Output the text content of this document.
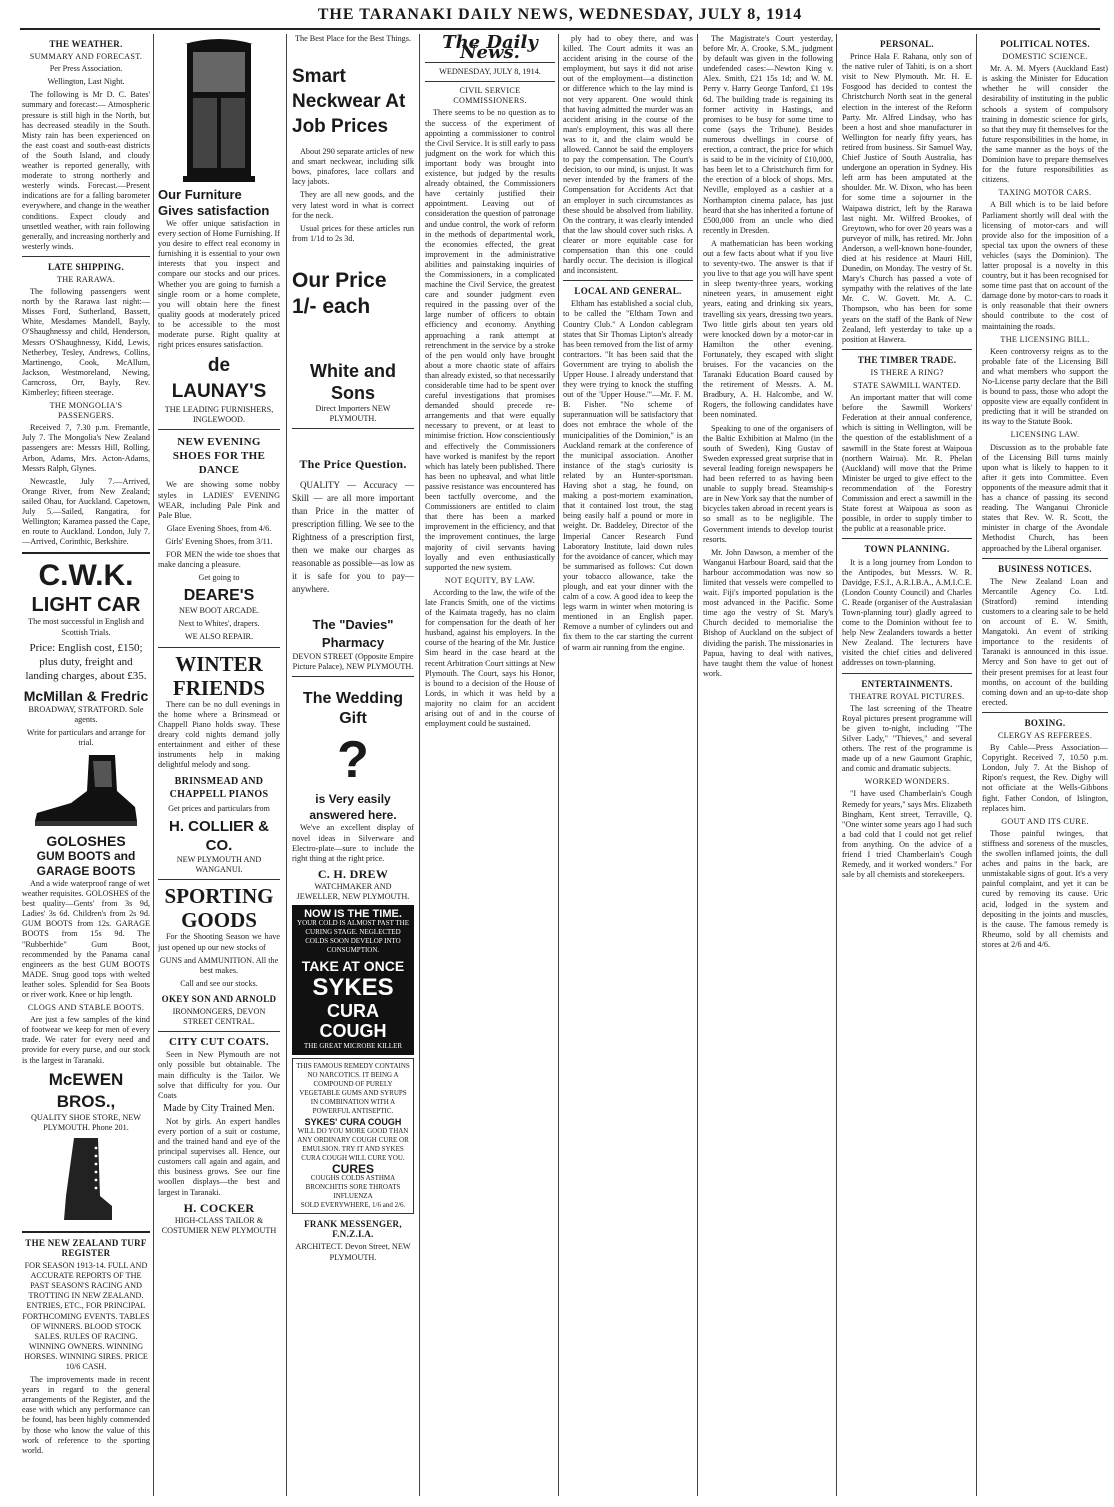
THE TARANAKI DAILY NEWS, WEDNESDAY, JULY 8, 1914
THE WEATHER.
SUMMARY AND FORECAST.

Per Press Association.

Wellington, Last Night.

The following is Mr D. C. Bates' summary and forecast:— Atmospheric pressure is still high in the North, but has decreased steadily in the South. Misty rain has been experienced on the east coast and south-east districts of the South Island, and cloudy weather is reported generally, with moderate to strong northerly and westerly winds. Forecast.—Present indications are for a falling barometer everywhere, and change in the weather conditions. Expect cloudy and unsettled weather, with rain following generally, and increasing northerly and westerly winds.

LATE SHIPPING.
THE RARAWA.

The following passengers went north by the Rarawa last night:—Misses Ford, Sutherland, Bassett, White, Mesdames Mandell, Bayly, O'Shaughnessy and child, Henderson, Messrs O'Shaughnessy, Kidd, Lewis, Netherbey, Tesley, Andrews, Collins, Martinengo, Cook, McAllum, Jackson, Westmoreland, Newing, Carncross, Orr, Bayly, Rev. Kimberley; fifteen steerage.

THE MONGOLIA'S PASSENGERS.

Received 7, 7.30 p.m. Fremantle, July 7. The Mongolia's New Zealand passengers are: Messrs Hill, Rolling, Arbon, Adams, Mrs. Acton-Adams, Messrs Ralph, Glynes.

Newcastle, July 7.—Arrived, Orange River, from New Zealand; sailed Ohau, for Auckland. Capetown, July 5.—Sailed, Rangatira, for Wellington; Karamea passed the Cape, en route to Auckland. London, July 7.—Arrived, Corinthic, Berkshire.

C.W.K.
LIGHT CAR

The most successful in English and Scottish Trials.

Price: English cost, £150; plus duty, freight and landing charges, about £35.

McMillan & Fredric

BROADWAY, STRATFORD. Sole agents.

Write for particulars and arrange for trial.

GOLOSHES
GUM BOOTS and
GARAGE BOOTS

And a wide waterproof range of wet weather requisites. GOLOSHES of the best quality—Gents' from 3s 9d, Ladies' 3s 6d. Children's from 2s 9d. GUM BOOTS from 12s. GARAGE BOOTS from 15s 9d. The "Rubberhide" Gum Boot, recommended by the Panama canal engineers as the best GUM BOOTS MADE. Snug good tops with welted leather soles. Splendid for Sea Boots or river work. Knee or hip length.

CLOGS AND STABLE BOOTS.

Are just a few samples of the kind of footwear we keep for men of every trade. We cater for every need and provide for every purse, and our stock is the largest in Taranaki.

McEWEN BROS.,

QUALITY SHOE STORE, NEW PLYMOUTH. Phone 201.

THE NEW ZEALAND TURF REGISTER

FOR SEASON 1913-14. FULL AND ACCURATE REPORTS OF THE PAST SEASON'S RACING AND TROTTING IN NEW ZEALAND. ENTRIES, ETC., FOR PRINCIPAL FORTHCOMING EVENTS. TABLES OF WINNERS. BLOOD STOCK SALES. RULES OF RACING. WINNING OWNERS. WINNING HORSES. WINNING SIRES. PRICE 10/6 CASH.

The improvements made in recent years in regard to the general arrangements of the Register, and the ease with which any performance can be found, has been highly commended by those who know the value of this work of reference to the sporting world.

Our Furniture Gives satisfaction

We offer unique satisfaction in every section of Home Furnishing. If you desire to effect real economy in furnishing it is essential to your own interests that you inspect and compare our stocks and our prices. Whether you are going to furnish a single room or a home complete, you will obtain here the finest quality goods at moderately priced to be accessible to the most moderate purse. Right quality at right prices ensures satisfaction.

de LAUNAY'S

THE LEADING FURNISHERS, INGLEWOOD.

NEW EVENING SHOES FOR THE DANCE

We are showing some nobby styles in LADIES' EVENING WEAR, including Pale Pink and Pale Blue.

Glace Evening Shoes, from 4/6.

Girls' Evening Shoes, from 3/11.

FOR MEN the wide toe shoes that make dancing a pleasure.

Get going to

DEARE'S

NEW BOOT ARCADE.

Next to Whites', drapers.

WE ALSO REPAIR.

WINTER FRIENDS

There can be no dull evenings in the home where a Brinsmead or Chappell Piano holds sway. These dreary cold nights demand jolly entertainment and either of these instruments help in making delightful melody and song.

BRINSMEAD AND CHAPPELL PIANOS

Get prices and particulars from

H. COLLIER & CO.

NEW PLYMOUTH AND WANGANUI.

SPORTING GOODS

For the Shooting Season we have just opened up our new stocks of

GUNS and AMMUNITION. All the best makes.

Call and see our stocks.

OKEY SON AND ARNOLD

IRONMONGERS, DEVON STREET CENTRAL.

CITY CUT COATS.

Seen in New Plymouth are not only possible but obtainable. The main difficulty is the Tailor. We solve that difficulty for you. Our Coats

Made by City Trained Men.

Not by girls. An expert handles every portion of a suit or costume, and the trained hand and eye of the principal supervises all. Hence, our customers call again and again, and this business grows. See our fine woollen displays—the best and largest in Taranaki.

H. COCKER

HIGH-CLASS TAILOR & COSTUMIER NEW PLYMOUTH

The Best Place for the Best Things.

Smart Neckwear At Job Prices

About 290 separate articles of new and smart neckwear, including silk bows, pinafores, lace collars and lacy jabots.

They are all new goods, and the very latest word in what is correct for the neck.

Usual prices for these articles run from 1/1d to 2s 3d.

Our Price 1/- each
White and Sons

Direct Importers NEW PLYMOUTH.

The Price Question.

QUALITY — Accuracy — Skill — are all more important than Price in the matter of prescription filling. We see to the Rightness of a prescription first, then we make our charges as reasonable as possible—as low as it is safe for you to pay—anywhere.

The "Davies" Pharmacy

DEVON STREET (Opposite Empire Picture Palace), NEW PLYMOUTH.

The Wedding Gift
?
is Very easily answered here.

We've an excellent display of novel ideas in Silverware and Electro-plate—sure to include the right thing at the right price.

C. H. DREW

WATCHMAKER AND JEWELLER, NEW PLYMOUTH.

NOW IS THE TIME.
YOUR COLD IS ALMOST PAST THE CURING STAGE. NEGLECTED COLDS SOON DEVELOP INTO CONSUMPTION.
TAKE AT ONCE
SYKES
CURA COUGH
THE GREAT MICROBE KILLER
THIS FAMOUS REMEDY CONTAINS NO NARCOTICS. IT BEING A COMPOUND OF PURELY VEGETABLE GUMS AND SYRUPS IN COMBINATION WITH A POWERFUL ANTISEPTIC.
SYKES' CURA COUGH
WILL DO YOU MORE GOOD THAN ANY ORDINARY COUGH CURE OR EMULSION. TRY IT AND SYKES CURA COUGH WILL CURE YOU.
CURES
COUGHS COLDS ASTHMA BRONCHITIS SORE THROATS INFLUENZA
SOLD EVERYWHERE, 1/6 and 2/6.
FRANK MESSENGER, F.N.Z.I.A.

ARCHITECT. Devon Street, NEW PLYMOUTH.

The Daily News.

WEDNESDAY, JULY 8, 1914.

CIVIL SERVICE COMMISSIONERS.

There seems to be no question as to the success of the experiment of appointing a commissioner to control the Civil Service. It is still early to pass judgment on the work for which this important body was brought into existence, but judged by the results already obtained, the Commissioners have certainly justified their appointment. Leaving out of consideration the question of patronage and undue control, the work of reform in the methods of departmental work, the economies effected, the great improvement in the administrative abilities and painstaking inquiries of the Commissioners, in a complicated machine the Civil Service, the greatest care and sounder judgment even required in the passing over of the large number of officers to obtain efficiency and economy. Anything approaching a rank attempt at retrenchment in the service by a stroke of the pen would only have brought about a more chaotic state of affairs than already existed, so that necessarily considerable time had to be spent over careful investigations that promises demanded should precede re-arrangements and that were equally necessary to prevent, or at least to minimise friction. How conscientiously and effectively the Commissioners have worked is manifest by the report which has lately been published. There has been no upheaval, and what little passive resistance was encountered has been tactfully overcome, and the Commissioners are entitled to claim that there has been a marked improvement in the efficiency, and that the improvement continues, the large majority of civil servants having loyally and even enthusiastically supported the new system.

NOT EQUITY, BY LAW.

According to the law, the wife of the late Francis Smith, one of the victims of the Kaimata tragedy, has no claim for compensation for the death of her husband, against his employers. In the course of the hearing of the Mr. Justice Sim heard in the case heard at the recent Arbitration Court sittings at New Plymouth. The Court, says his Honor, is bound to a decision of the House of Lords, in which it was held by a majority no claim for an accident arising out of and in the course of employment could be sustained.

ply had to obey there, and was killed. The Court admits it was an accident arising in the course of the employment, but says it did not arise out of the employment—a distinction or difference which to the lay mind is not very apparent. One would think that having admitted the murder was an accident arising in the course of the man's employment, this was all there was to it, and the claim would be allowed. Cannot be said the employers to pay the compensation. The Court's decision, to our mind, is unjust. It was never intended by the framers of the Compensation for Accidents Act that an employer in such circumstances as these should be absolved from liability. On the contrary, it was clearly intended that the law should cover such risks. A clearer or more equitable case for compensation than this one could hardly occur. The decision is illogical and inconsistent.

LOCAL AND GENERAL.

Eltham has established a social club, to be called the "Eltham Town and Country Club." A London cablegram states that Sir Thomas Lipton's already has been removed from the list of army contractors. "It has been said that the Government are trying to abolish the Upper House. I already understand that they were trying to knock the stuffing out of the 'Upper House.'"—Mr. F. M. B. Fisher. "No scheme of superannuation will be satisfactory that does not embrace the whole of the municipalities of the Dominion," is an Auckland remark at the conference of the municipal association. Another instance of the stag's curiosity is related by an Hunter-sportsman. Having shot a stag, he found, on making a post-mortem examination, that it contained lost trout, the stag being easily half a pound or more in weight. Dr. Baddeley, Director of the Imperial Cancer Research Fund Laboratory Institute, laid down rules for the avoidance of cancer, which may be summarised as follows: Cut down your tobacco allowance, take the plough, and eat your dinner with the calm of a cow. A good idea to keep the legs warm in winter when motoring is mentioned in an English paper. Remove a number of cylinders out and fix them to the car starting the current of warm air running from the engine.

The Magistrate's Court yesterday, before Mr. A. Crooke, S.M., judgment by default was given in the following undefended cases:—Newton King v. Alex. Smith, £21 15s 1d; and W. M. Perry v. Harry George Tanford, £1 19s 6d. The building trade is regaining its former activity in Hastings, and promises to be busy for some time to come (says the Tribune). Besides numerous dwellings in course of erection, a contract, the price for which is said to be in the vicinity of £10,000, has been let to a Christchurch firm for the erection of a block of shops. Mrs. Neville, employed as a cashier at a Northampton cinema palace, has just heard that she has inherited a fortune of £500,000 from an uncle who died recently in Dresden.

A mathematician has been working out a few facts about what if you live to seventy-two. The answer is that if you live to that age you will have spent in sleep twenty-three years, working nineteen years, in amusement eight years, eating and drinking six years, travelling six years, dressing two years. Two little girls about ten years old were knocked down by a motor-car in Hamilton the other evening. Fortunately, they escaped with slight bruises. For the vacancies on the Taranaki Education Board caused by the retirement of Messrs. A. M. Bradbury, A. H. Halcombe, and W. Rogers, the following candidates have been nominated.

Speaking to one of the organisers of the Baltic Exhibition at Malmo (in the south of Sweden), King Gustav of Sweden expressed great surprise that in several leading foreign newspapers he had been referred to as having been unable to supply bread. Steamship-s are in New York say that the number of bicycles taken abroad in recent years is so small as to be negligible. The Government intends to develop tourist resorts.

Mr. John Dawson, a member of the Wanganui Harbour Board, said that the harbour accommodation was now so limited that vessels were compelled to wait. Fiji's imported population is the most advanced in the Pacific. Some time ago the vestry of St. Mary's Church decided to memorialise the Bishop of Auckland on the subject of dividing the parish. The missionaries in Papua, having to deal with natives, have taught them the value of honest work.

PERSONAL.

Prince Hala F. Rahana, only son of the native ruler of Tahiti, is on a short visit to New Plymouth. Mr. H. E. Fosgood has decided to contest the Christchurch North seat in the general election in the interest of the Reform Party. Mr. Alfred Lindsay, who has been a host and shoe manufacturer in Wellington for nearly fifty years, has retired from business. Sir Samuel Way, Chief Justice of South Australia, has undergone an operation in Sydney. His left arm has been amputated at the shoulder. Mr. W. Dixon, who has been for some time a sojourner in the Waipawa district, left by the Rarawa last night. Mr. Wilfred Brookes, of Greytown, who for over 20 years was a purveyor of milk, has retired. Mr. John Anderson, a well-known hone-founder, died at his residence at Mauri Hill, Dunedin, on Monday. The vestry of St. Mary's Church has passed a vote of sympathy with the relatives of the late Mr. C. W. Govett. Mr. A. C. Thompson, who has been for some years on the staff of the Bank of New Zealand, left yesterday to take up a position at Hawera.

THE TIMBER TRADE.
IS THERE A RING?
STATE SAWMILL WANTED.

An important matter that will come before the Sawmill Workers' Federation at their annual conference, which is sitting in Wellington, will be the question of the establishment of a sawmill in the State forest at Waipoua (northern Wairoa). Mr. R. Phelan (Auckland) will move that the Prime Minister be urged to give effect to the recommendation of the Forestry Commission and erect a sawmill in the State forest at Waipoua as soon as possible, in order to supply timber to the public at a reasonable price.

TOWN PLANNING.

It is a long journey from London to the Antipodes, but Messrs. W. R. Davidge, F.S.I., A.R.I.B.A., A.M.I.C.E. (London County Council) and Charles C. Reade (organiser of the Australasian Town-planning tour) gladly agreed to come to the Dominion without fee to help New Zealanders towards a better New Zealand. The lecturers have visited the chief cities and delivered addresses on town-planning.

ENTERTAINMENTS.
THEATRE ROYAL PICTURES.

The last screening of the Theatre Royal pictures present programme will be given to-night, including "The Silver Lady," "Thieves," and several others. The rest of the programme is made up of a new Gaumont Graphic, and comic and dramatic subjects.

WORKED WONDERS.

"I have used Chamberlain's Cough Remedy for years," says Mrs. Elizabeth Bingham, Kent street, Terraville, Q. "One winter some years ago I had such a bad cold that I could not get relief from anything. On the advice of a friend I tried Chamberlain's Cough Remedy, and it worked wonders." For sale by all chemists and storekeepers.

POLITICAL NOTES.
DOMESTIC SCIENCE.

Mr. A. M. Myers (Auckland East) is asking the Minister for Education whether he will consider the desirability of instituting in the public schools a system of compulsory training in domestic science for girls, so that they may fit themselves for the future responsibilities in the home, in the same manner as the boys of the Dominion have to prepare themselves for the future responsibilities as citizens.

TAXING MOTOR CARS.

A Bill which is to be laid before Parliament shortly will deal with the licensing of motor-cars and will provide also for the imposition of a special tax upon the owners of these vehicles (says the Dominion). The latter proposal is a novelty in this country, but it has been recognised for some time past that on account of the damage done by motor-cars to roads it is only reasonable that their owners should contribute to the cost of maintaining the roads.

THE LICENSING BILL.

Keen controversy reigns as to the probable fate of the Licensing Bill and what members who support the No-License party declare that the Bill is bound to pass, those who adopt the opposite view are equally confident in predicting that it will be stranded on its way to the Statute Book.

LICENSING LAW.

Discussion as to the probable fate of the Licensing Bill turns mainly upon what is likely to happen to it after it gets into Committee. Even opponents of the measure admit that it has a chance of passing its second reading. The Wanganui Chronicle states that Rev. W. R. Scott, the minister in charge of the Avondale Methodist Church, has been approached by the Liberal organiser.

BUSINESS NOTICES.

The New Zealand Loan and Mercantile Agency Co. Ltd. (Stratford) remind intending customers to a clearing sale to be held on account of E. W. Smith, Mangatoki. An event of striking importance to the residents of Taranaki is announced in this issue. Mercy and Son have to get out of their present premises for at least four months, on account of the building coming down and an up-to-date shop erected.

BOXING.
CLERGY AS REFEREES.

By Cable—Press Association—Copyright. Received 7, 10.50 p.m. London, July 7. At the Bishop of Ripon's request, the Rev. Digby will not officiate at the Wells-Gibbons fight. Father Condon, of Islington, replaces him.

GOUT AND ITS CURE.

Those painful twinges, that stiffness and soreness of the muscles, the swollen inflamed joints, the dull aches and pains in the back, are unmistakable signs of gout. It's a very painful complaint, and yet it can be cured by removing its cause. Uric acid, lodged in the system and depositing in the joints and muscles, is the cause. The famous remedy is Rheumo, sold by all chemists and stores at 2/6 and 4/6.
